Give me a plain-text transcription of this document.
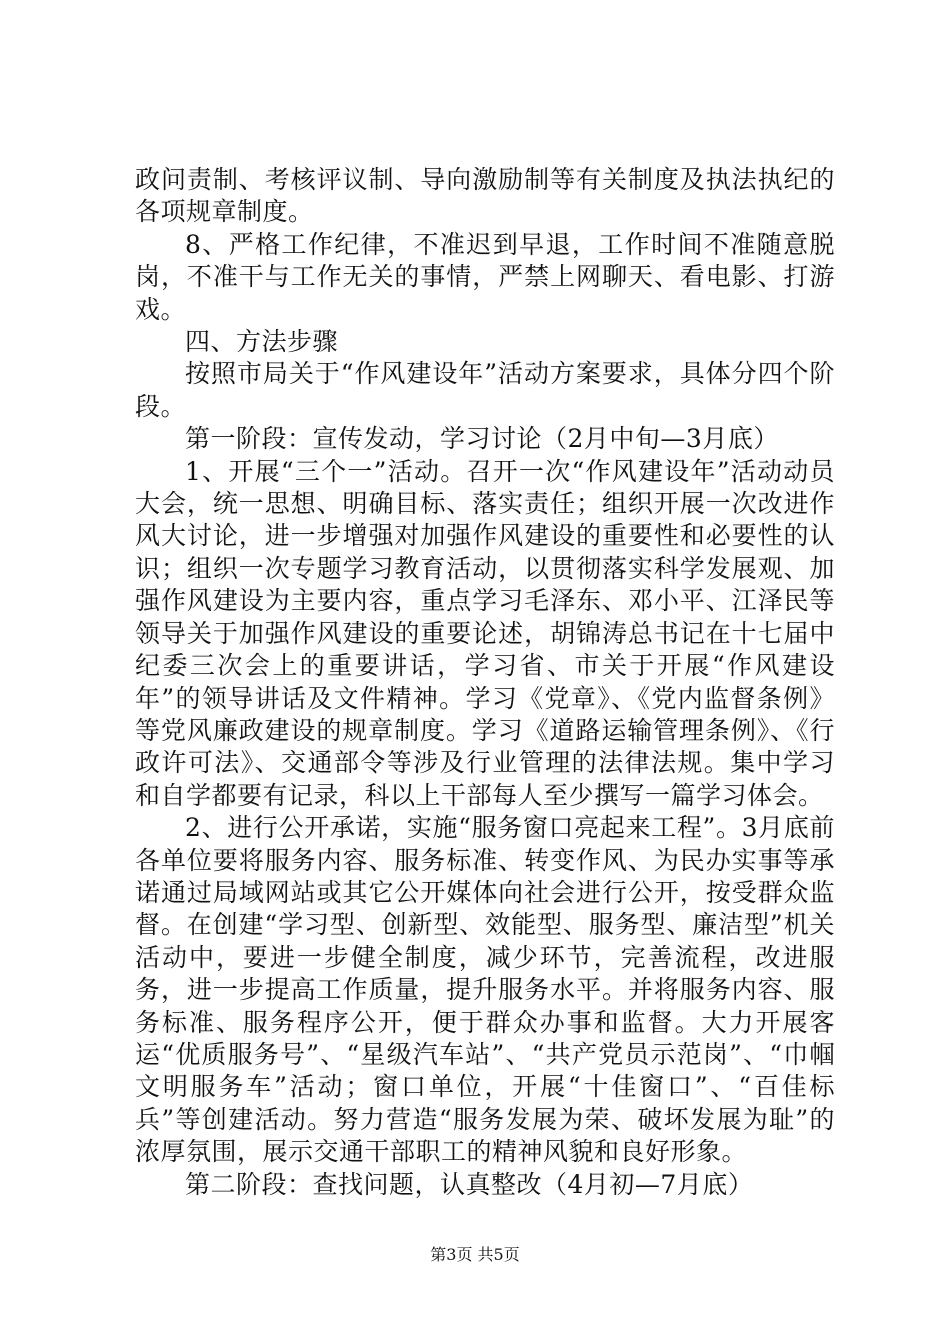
政问责制、考核评议制、导向激励制等有关制度及执法执纪的各项规章制度。

8、严格工作纪律，不准迟到早退，工作时间不准随意脱岗，不准干与工作无关的事情，严禁上网聊天、看电影、打游戏。

四、方法步骤

按照市局关于“作风建设年”活动方案要求，具体分四个阶段。

第一阶段：宣传发动，学习讨论（2月中旬—3月底）

1、开展“三个一”活动。召开一次“作风建设年”活动动员大会，统一思想、明确目标、落实责任；组织开展一次改进作风大讨论，进一步增强对加强作风建设的重要性和必要性的认识；组织一次专题学习教育活动，以贯彻落实科学发展观、加强作风建设为主要内容，重点学习毛泽东、邓小平、江泽民等领导关于加强作风建设的重要论述，胡锦涛总书记在十七届中纪委三次会上的重要讲话，学习省、市关于开展“作风建设年”的领导讲话及文件精神。学习《党章》、《党内监督条例》等党风廉政建设的规章制度。学习《道路运输管理条例》、《行政许可法》、交通部令等涉及行业管理的法律法规。集中学习和自学都要有记录，科以上干部每人至少撰写一篇学习体会。

2、进行公开承诺，实施“服务窗口亮起来工程”。3月底前各单位要将服务内容、服务标准、转变作风、为民办实事等承诺通过局域网站或其它公开媒体向社会进行公开，按受群众监督。在创建“学习型、创新型、效能型、服务型、廉洁型”机关活动中，要进一步健全制度，减少环节，完善流程，改进服务，进一步提高工作质量，提升服务水平。并将服务内容、服务标准、服务程序公开，便于群众办事和监督。大力开展客运“优质服务号”、“星级汽车站”、“共产党员示范岗”、“巾帼文明服务车”活动；窗口单位，开展“十佳窗口”、“百佳标兵”等创建活动。努力营造“服务发展为荣、破坏发展为耻”的浓厚氛围，展示交通干部职工的精神风貌和良好形象。

第二阶段：查找问题，认真整改（4月初—7月底）

第3页 共5页
